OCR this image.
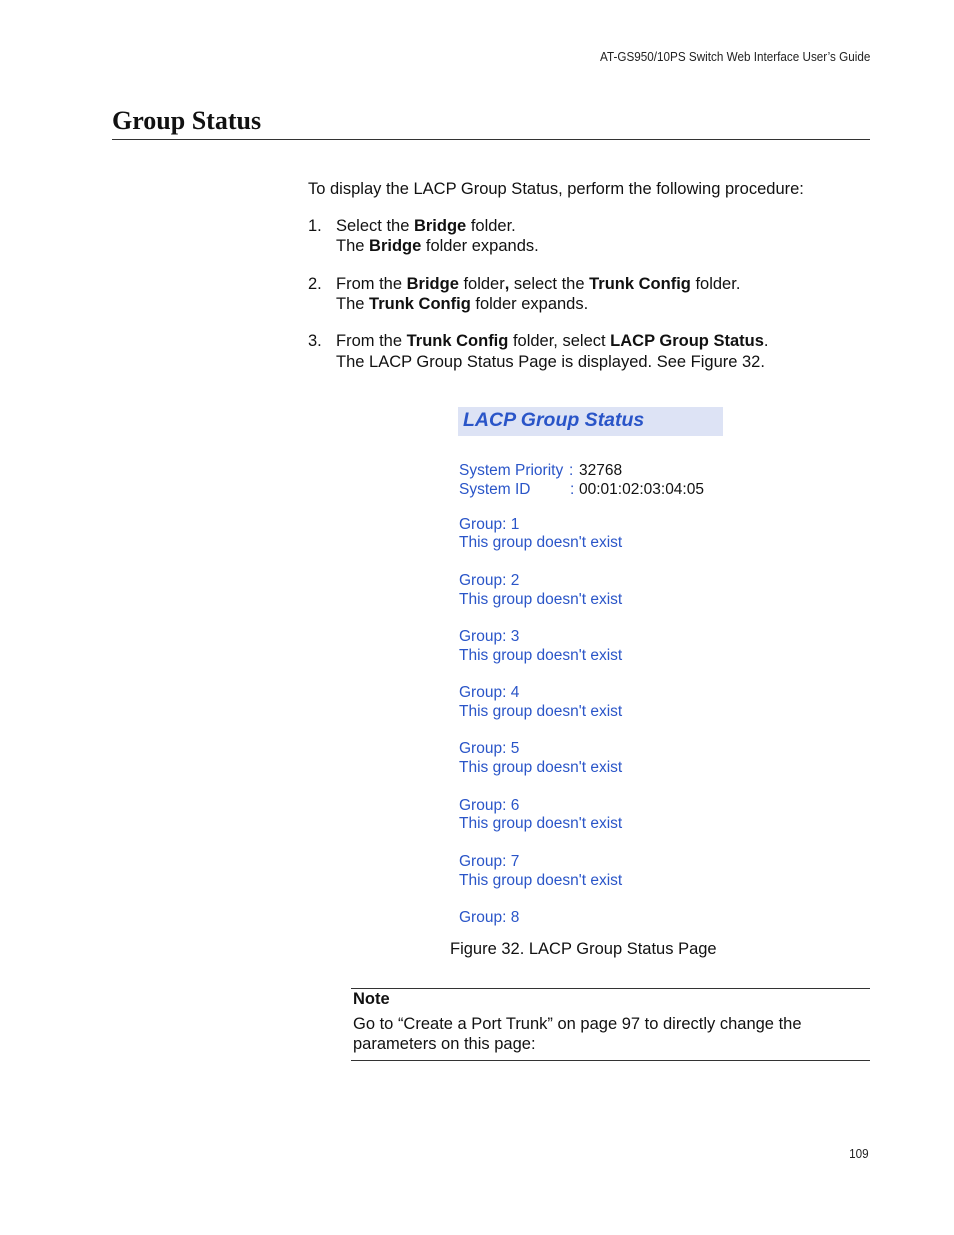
AT-GS950/10PS Switch Web Interface User’s Guide
Group Status
To display the LACP Group Status, perform the following procedure:
1. Select the Bridge folder.
The Bridge folder expands.
2. From the Bridge folder, select the Trunk Config folder.
The Trunk Config folder expands.
3. From the Trunk Config folder, select LACP Group Status.
The LACP Group Status Page is displayed. See Figure 32.
LACP Group Status
System Priority : 32768
System ID	: 00:01:02:03:04:05
Group: 1
This group doesn't exist
Group: 2
This group doesn't exist
Group: 3
This group doesn't exist
Group: 4
This group doesn't exist
Group: 5
This group doesn't exist
Group: 6
This group doesn't exist
Group: 7
This group doesn't exist
Group: 8
Figure 32. LACP Group Status Page
Note
Go to “Create a Port Trunk” on page 97 to directly change the
parameters on this page:
109
